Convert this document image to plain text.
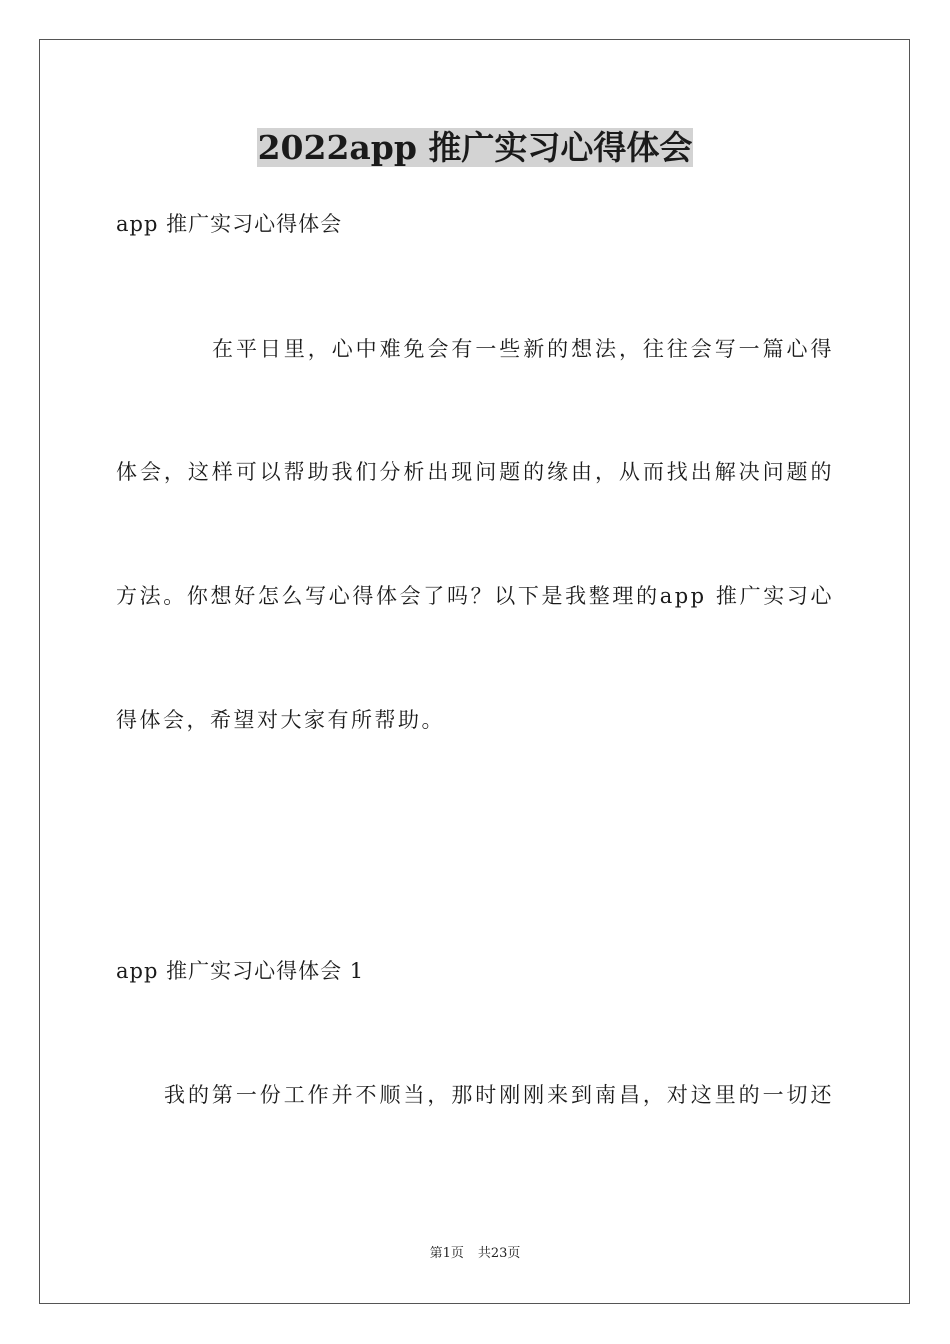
2022app 推广实习心得体会

app 推广实习心得体会

在平日里，心中难免会有一些新的想法，往往会写一篇心得

体会，这样可以帮助我们分析出现问题的缘由，从而找出解决问题的

方法。你想好怎么写心得体会了吗？以下是我整理的app 推广实习心

得体会，希望对大家有所帮助。

app 推广实习心得体会 1

我的第一份工作并不顺当，那时刚刚来到南昌，对这里的一切还

第1页 共23页
